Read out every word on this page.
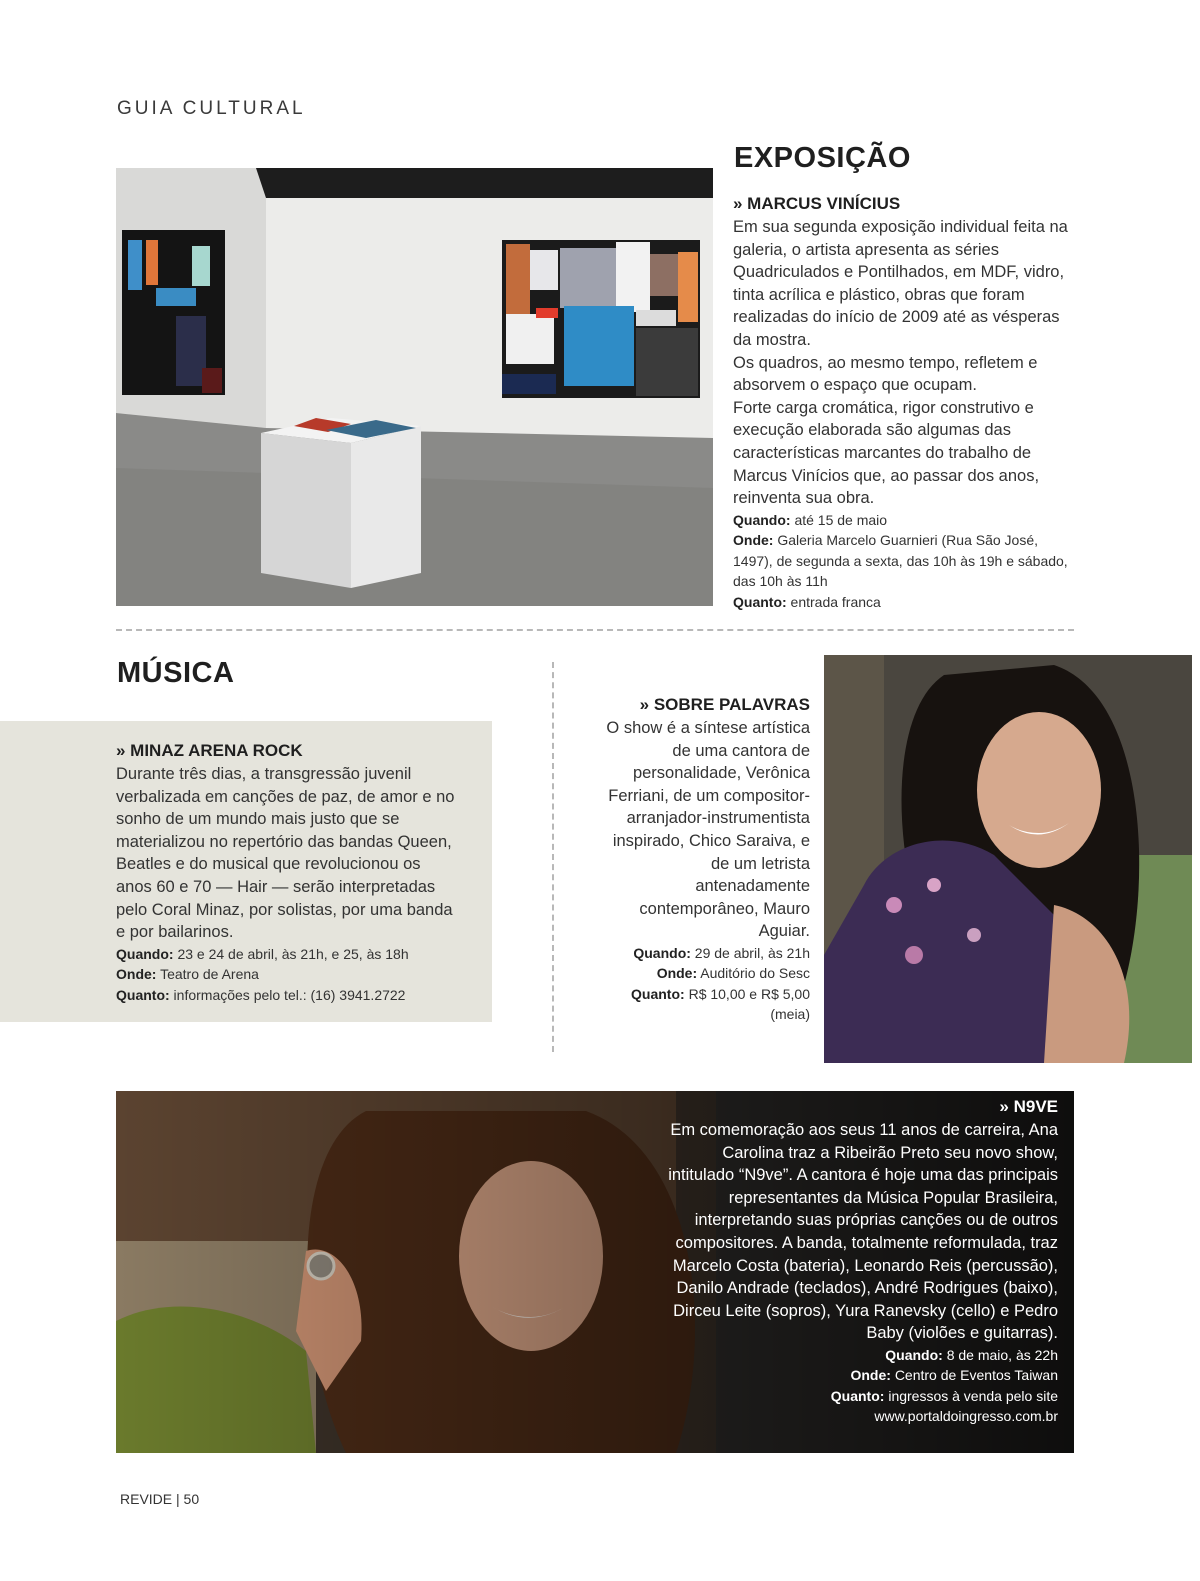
GUIA CULTURAL
EXPOSIÇÃO
» MARCUS VINÍCIUS

Em sua segunda exposição individual feita na galeria, o artista apresenta as séries Quadriculados e Pontilhados, em MDF, vidro, tinta acrílica e plástico, obras que foram realizadas do início de 2009 até as vésperas da mostra.

Os quadros, ao mesmo tempo, refletem e absorvem o espaço que ocupam.

Forte carga cromática, rigor construtivo e execução elaborada são algumas das características marcantes do trabalho de Marcus Vinícios que, ao passar dos anos, reinventa sua obra.

Quando: até 15 de maio
Onde: Galeria Marcelo Guarnieri (Rua São José, 1497), de segunda a sexta, das 10h às 19h e sábado, das 10h às 11h
Quanto: entrada franca
MÚSICA
» MINAZ ARENA ROCK
Durante três dias, a transgressão juvenil verbalizada em canções de paz, de amor e no sonho de um mundo mais justo que se materializou no repertório das bandas Queen, Beatles e do musical que revolucionou os anos 60 e 70 — Hair — serão interpretadas pelo Coral Minaz, por solistas, por uma banda e por bailarinos.
Quando: 23 e 24 de abril, às 21h, e 25, às 18h
Onde: Teatro de Arena
Quanto: informações pelo tel.: (16) 3941.2722
» SOBRE PALAVRAS
O show é a síntese artística de uma cantora de personalidade, Verônica Ferriani, de um compositor-arranjador-instrumentista inspirado, Chico Saraiva, e de um letrista antenadamente contemporâneo, Mauro Aguiar.
Quando: 29 de abril, às 21h
Onde: Auditório do Sesc
Quanto: R$ 10,00 e R$ 5,00 (meia)
» N9VE
Em comemoração aos seus 11 anos de carreira, Ana Carolina traz a Ribeirão Preto seu novo show, intitulado “N9ve”. A cantora é hoje uma das principais representantes da Música Popular Brasileira, interpretando suas próprias canções ou de outros compositores. A banda, totalmente reformulada, traz Marcelo Costa (bateria), Leonardo Reis (percussão), Danilo Andrade (teclados), André Rodrigues (baixo), Dirceu Leite (sopros), Yura Ranevsky (cello) e Pedro Baby (violões e guitarras).
Quando: 8 de maio, às 22h
Onde: Centro de Eventos Taiwan
Quanto: ingressos à venda pelo site www.portaldoingresso.com.br
REVIDE | 50
